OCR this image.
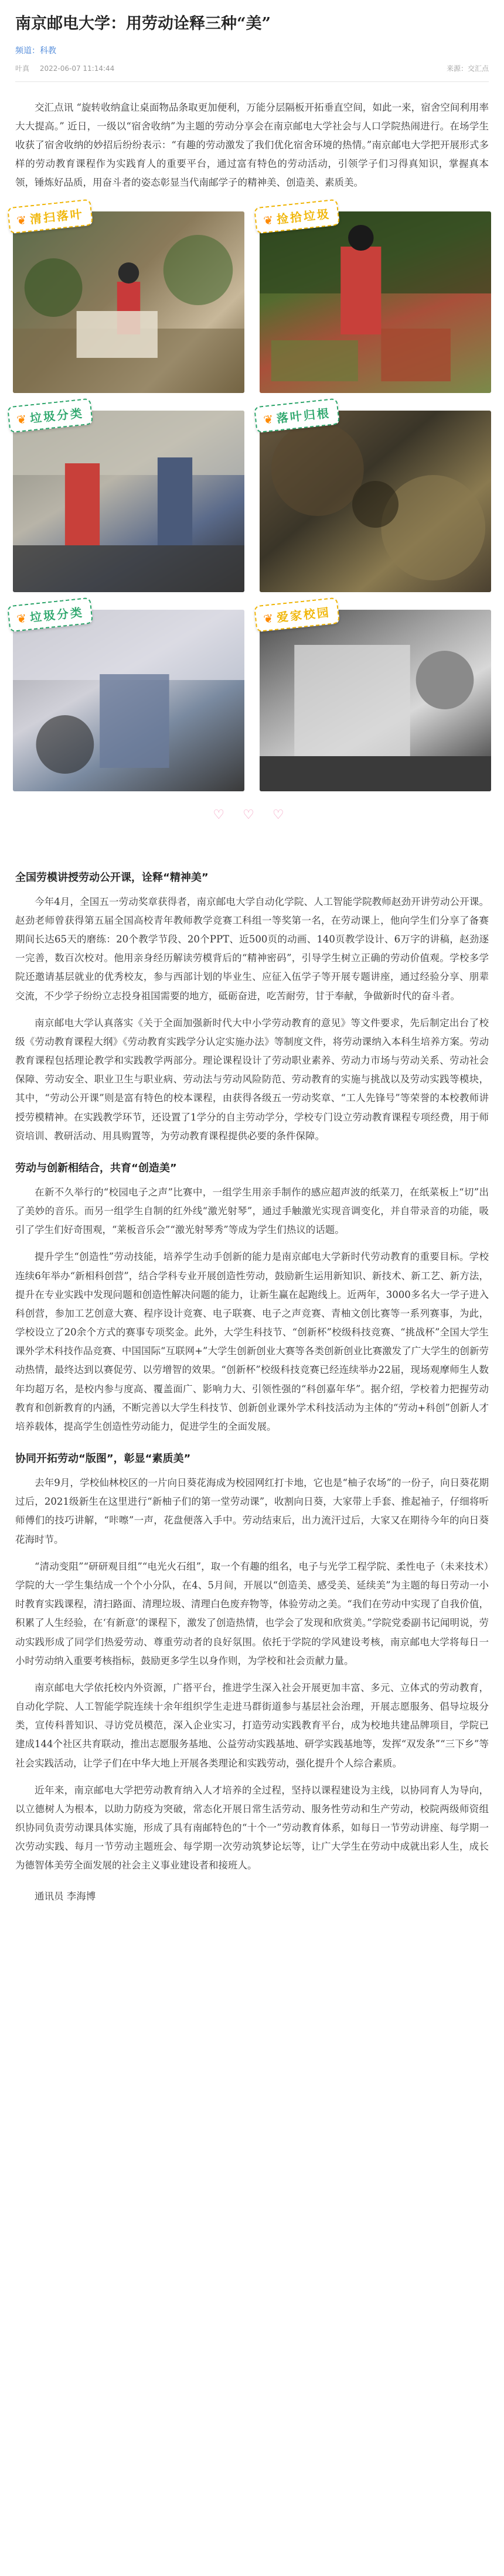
南京邮电大学：用劳动诠释三种“美”
频道：科教
叶真 2022-06-07 11:14:44	来源：交汇点

交汇点讯 “旋转收纳盒让桌面物品条取更加便利，万能分层隔板开拓垂直空间，如此一来，宿舍空间利用率大大提高。” 近日，一级以“宿舍收纳”为主题的劳动分享会在南京邮电大学社会与人口学院热闹进行。在场学生收获了宿舍收纳的妙招后纷纷表示：“有趣的劳动激发了我们优化宿舍环境的热情。”南京邮电大学把开展形式多样的劳动教育课程作为实践育人的重要平台，通过富有特色的劳动活动，引领学子们习得真知识，掌握真本领，锤炼好品质，用奋斗者的姿态彰显当代南邮学子的精神美、创造美、素质美。

❦清扫落叶	❦捡拾垃圾
❦垃圾分类	❦落叶归根
❦垃圾分类	❦爱家校园
♡ ♡ ♡
全国劳模讲授劳动公开课，诠释“精神美”

今年4月，全国五一劳动奖章获得者，南京邮电大学自动化学院、人工智能学院教师赵劲开讲劳动公开课。赵劲老师曾获得第五届全国高校青年教师教学竞赛工科组一等奖第一名，在劳动课上，他向学生们分享了备赛期间长达65天的磨练：20个教学节段、20个PPT、近500页的动画、140页教学设计、6万字的讲稿，赵劲逐一完善，数百次校对。他用亲身经历解读劳模背后的“精神密码”，引导学生树立正确的劳动价值观。学校多学院还邀请基层就业的优秀校友，参与西部计划的毕业生、应征入伍学子等开展专题讲座，通过经验分享、朋辈交流，不少学子纷纷立志投身祖国需要的地方，砥砺奋进，吃苦耐劳，甘于奉献，争做新时代的奋斗者。

南京邮电大学认真落实《关于全面加强新时代大中小学劳动教育的意见》等文件要求，先后制定出台了校级《劳动教育课程大纲》《劳动教育实践学分认定实施办法》等制度文件，将劳动课纳入本科生培养方案。劳动教育课程包括理论教学和实践教学两部分。理论课程设计了劳动职业素养、劳动力市场与劳动关系、劳动社会保障、劳动安全、职业卫生与职业病、劳动法与劳动风险防范、劳动教育的实施与挑战以及劳动实践等模块，其中，“劳动公开课”则是富有特色的校本课程，由获得各级五一劳动奖章、“工人先锋号”等荣誉的本校教师讲授劳模精神。在实践教学环节，还设置了1学分的自主劳动学分，学校专门设立劳动教育课程专项经费，用于师资培训、教研活动、用具购置等，为劳动教育课程提供必要的条件保障。

劳动与创新相结合，共育“创造美”

在新不久举行的“校园电子之声”比赛中，一组学生用亲手制作的感应超声波的纸菜刀，在纸菜板上“切”出了美妙的音乐。而另一组学生自制的红外线“激光射琴”，通过手触激光实现音调变化，并自带录音的功能，吸引了学生们好奇围观，“莱板音乐会”“激光射琴秀”等成为学生们热议的话题。

提升学生“创造性”劳动技能，培养学生动手创新的能力是南京邮电大学新时代劳动教育的重要目标。学校连续6年举办“新相科创营”，结合学科专业开展创造性劳动，鼓励新生运用新知识、新技术、新工艺、新方法，提升在专业实践中发现问题和创造性解决问题的能力，让新生赢在起跑线上。近两年，3000多名大一学子进入科创营，参加工艺创意大赛、程序设计竞赛、电子联赛、电子之声竞赛、青柚文创比赛等一系列赛事，为此，学校设立了20余个方式的赛事专项奖金。此外，大学生科技节、“创新杯”校级科技竞赛、“挑战杯”全国大学生课外学术科技作品竞赛、中国国际“互联网+”大学生创新创业大赛等各类创新创业比赛激发了广大学生的创新劳动热情，最终达到以赛促劳、以劳增智的效果。“创新杯”校级科技竞赛已经连续举办22届，现场观摩师生人数年均超万名，是校内参与度高、覆盖面广、影响力大、引领性强的“科创嘉年华”。据介绍，学校着力把握劳动教育和创新教育的内涵，不断完善以大学生科技节、创新创业课外学术科技活动为主体的“劳动+科创”创新人才培养载体，提高学生创造性劳动能力，促进学生的全面发展。

协同开拓劳动“版图”，彰显“素质美”

去年9月，学校仙林校区的一片向日葵花海成为校园网红打卡地，它也是“柚子农场”的一份子，向日葵花期过后，2021级新生在这里进行“新柚子们的第一堂劳动课”，收割向日葵，大家带上手套、推起袖子，仔细将听师傅们的技巧讲解，“咔嚓”一声，花盘便落入手中。劳动结束后，出力流汗过后，大家又在期待今年的向日葵花海时节。

“清动变阻”“研研观目组”“电光火石组”，取一个有趣的组名，电子与光学工程学院、柔性电子（未来技术）学院的大一学生集结成一个个小分队，在4、5月间，开展以“创造美、感受美、延续美”为主题的每日劳动一小时教育实践课程，清扫路面、清理垃圾、清理白色废弃物等，体验劳动之美。“我们在劳动中实现了自我价值，积累了人生经验，在‘有新意’的课程下，激发了创造热情，也学会了发现和欣赏美。”学院党委副书记闻明说，劳动实践形成了同学们热爱劳动、尊重劳动者的良好氛围。依托于学院的学风建设考核，南京邮电大学将每日一小时劳动纳入重要考核指标，鼓励更多学生以身作则，为学校和社会贡献力量。

南京邮电大学依托校内外资源，广搭平台，推进学生深入社会开展更加丰富、多元、立体式的劳动教育，自动化学院、人工智能学院连续十余年组织学生走进马群街道参与基层社会治理，开展志愿服务、倡导垃圾分类，宣传科普知识、寻访党员模范，深入企业实习，打造劳动实践教育平台，成为校地共建品牌项目，学院已建成144个社区共育联动，推出志愿服务基地、公益劳动实践基地、研学实践基地等，发挥“双发条”“三下乡”等社会实践活动，让学子们在中华大地上开展各类理论和实践劳动，强化提升个人综合素质。

近年来，南京邮电大学把劳动教育纳入人才培养的全过程，坚持以课程建设为主线，以协同育人为导向，以立德树人为根本，以助力防疫为突破，常态化开展日常生活劳动、服务性劳动和生产劳动，校院两级师资组织协同负责劳动课具体实施，形成了具有南邮特色的“十个一”劳动教育体系，如每日一节劳动讲座、每学期一次劳动实践、每月一节劳动主题班会、每学期一次劳动筑梦论坛等，让广大学生在劳动中成就出彩人生，成长为德智体美劳全面发展的社会主义事业建设者和接班人。

通讯员 李海博
